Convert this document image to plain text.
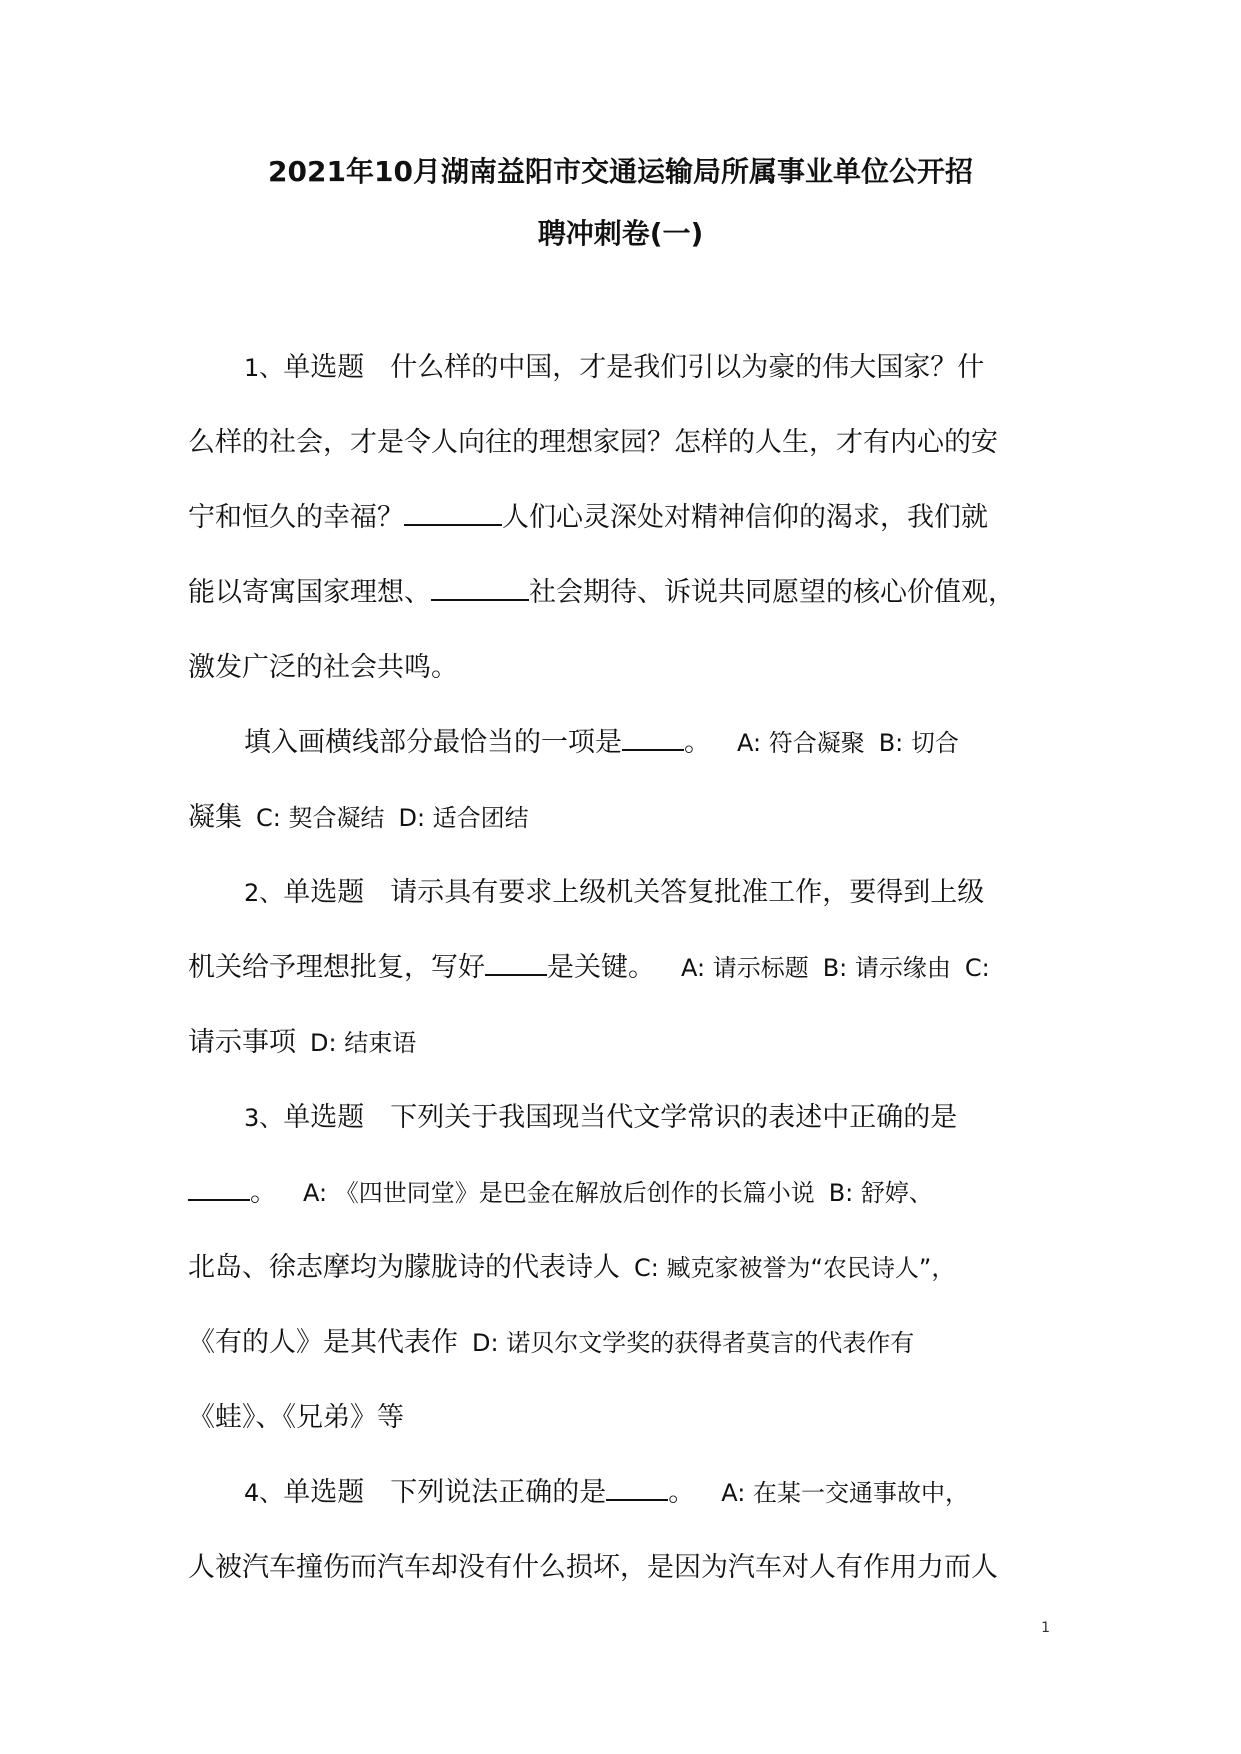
2021年10月湖南益阳市交通运输局所属事业单位公开招
聘冲刺卷(一)
1、单选题 什么样的中国，才是我们引以为豪的伟大国家？什
么样的社会，才是令人向往的理想家园？怎样的人生，才有内心的安
宁和恒久的幸福？	人们心灵深处对精神信仰的渴求，我们就
能以寄寓国家理想、	社会期待、诉说共同愿望的核心价值观，
激发广泛的社会共鸣。
填入画横线部分最恰当的一项是 。 A: 符合凝聚 B: 切合
凝集 C: 契合凝结 D: 适合团结
2、单选题 请示具有要求上级机关答复批准工作，要得到上级
机关给予理想批复，写好 是关键。 A: 请示标题 B: 请示缘由 C:
请示事项 D: 结束语
3、单选题 下列关于我国现当代文学常识的表述中正确的是
。 A: 《四世同堂》是巴金在解放后创作的长篇小说 B: 舒婷、
北岛、徐志摩均为朦胧诗的代表诗人 C: 臧克家被誉为“农民诗人”，
《有的人》是其代表作 D: 诺贝尔文学奖的获得者莫言的代表作有
《蛙》、《兄弟》等
4、单选题 下列说法正确的是 。 A: 在某一交通事故中，
人被汽车撞伤而汽车却没有什么损坏，是因为汽车对人有作用力而人
1
